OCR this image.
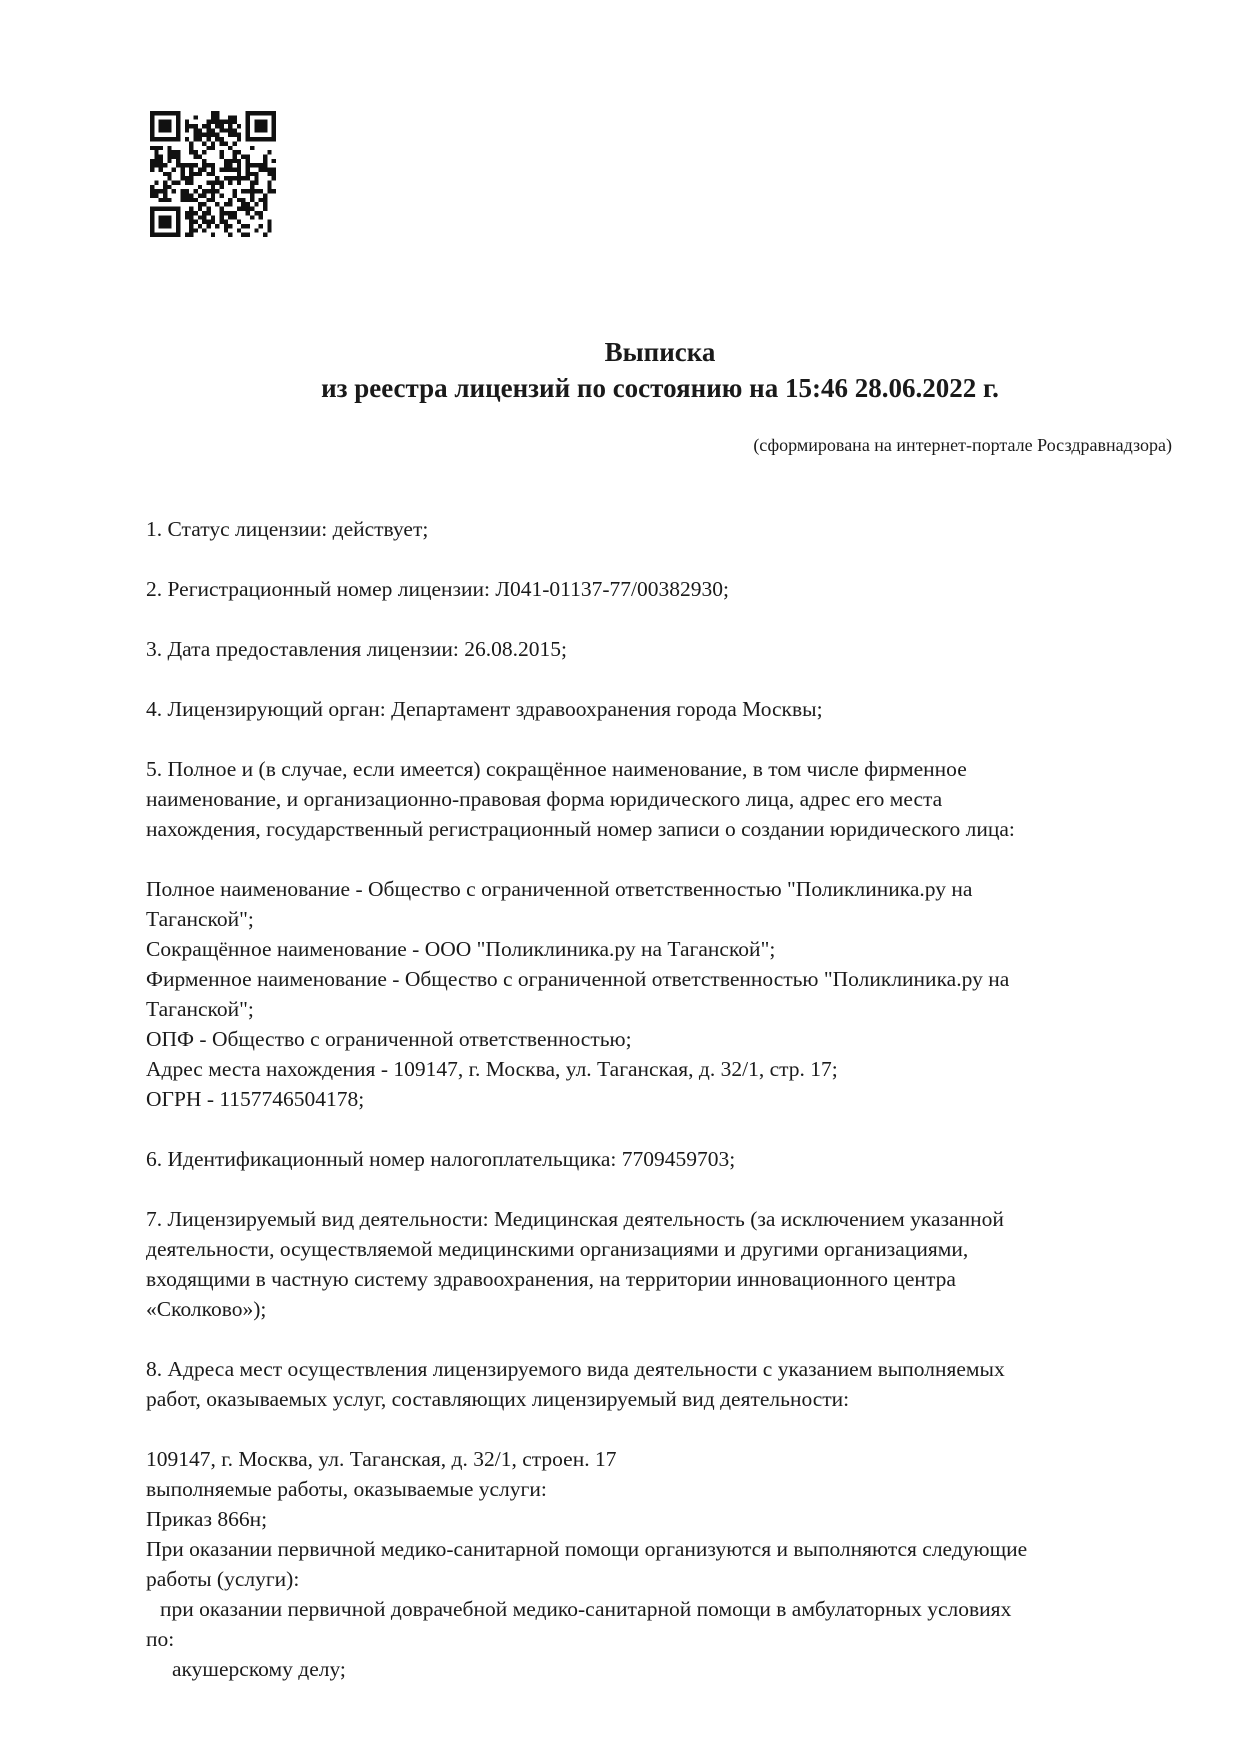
Выписка
из реестра лицензий по состоянию на 15:46 28.06.2022 г.
(сформирована на интернет-портале Росздравнадзора)
1. Статус лицензии: действует;
2. Регистрационный номер лицензии: Л041-01137-77/00382930;
3. Дата предоставления лицензии: 26.08.2015;
4. Лицензирующий орган: Департамент здравоохранения города Москвы;
5. Полное и (в случае, если имеется) сокращённое наименование, в том числе фирменное
наименование, и организационно-правовая форма юридического лица, адрес его места
нахождения, государственный регистрационный номер записи о создании юридического лица:
Полное наименование - Общество с ограниченной ответственностью "Поликлиника.ру на
Таганской";
Сокращённое наименование - ООО "Поликлиника.ру на Таганской";
Фирменное наименование - Общество с ограниченной ответственностью "Поликлиника.ру на
Таганской";
ОПФ - Общество с ограниченной ответственностью;
Адрес места нахождения - 109147, г. Москва, ул. Таганская, д. 32/1, стр. 17;
ОГРН - 1157746504178;
6. Идентификационный номер налогоплательщика: 7709459703;
7. Лицензируемый вид деятельности: Медицинская деятельность (за исключением указанной
деятельности, осуществляемой медицинскими организациями и другими организациями,
входящими в частную систему здравоохранения, на территории инновационного центра
«Сколково»);
8. Адреса мест осуществления лицензируемого вида деятельности с указанием выполняемых
работ, оказываемых услуг, составляющих лицензируемый вид деятельности:
109147, г. Москва, ул. Таганская, д. 32/1, строен. 17
выполняемые работы, оказываемые услуги:
Приказ 866н;
При оказании первичной медико-санитарной помощи организуются и выполняются следующие
работы (услуги):
при оказании первичной доврачебной медико-санитарной помощи в амбулаторных условиях
по:
акушерскому делу;
